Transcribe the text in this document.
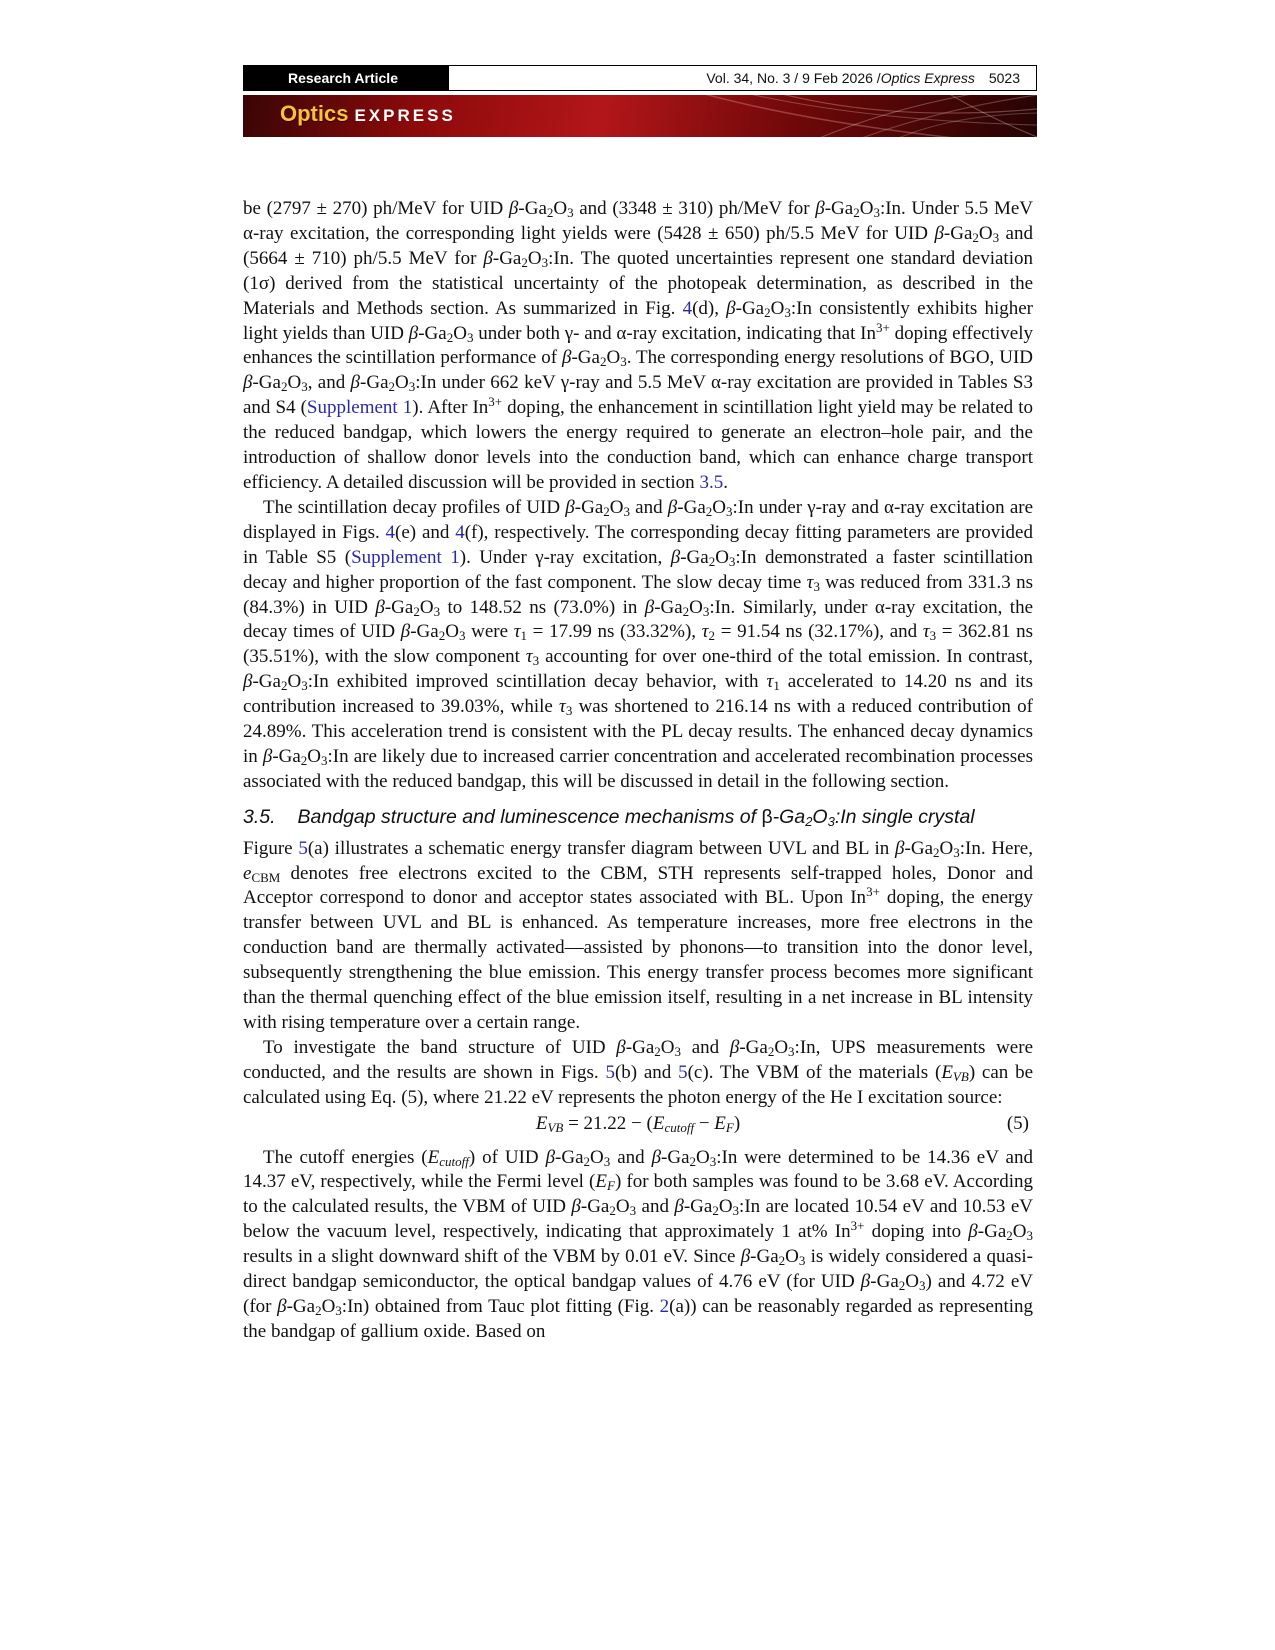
Research Article	Vol. 34, No. 3 / 9 Feb 2026 / Optics Express 5023
Optics EXPRESS

be (2797 ± 270) ph/MeV for UID $\beta-Ga_2O_3$ and (3348 ± 310) ph/MeV for $\beta-Ga_2O_3:In$. Under 5.5 MeV α-ray excitation, the corresponding light yields were (5428 ± 650) ph/5.5 MeV for UID $\beta-Ga_2O_3$ and (5664 ± 710) ph/5.5 MeV for $\beta-Ga_2O_3:In$. The quoted uncertainties represent one standard deviation (1σ) derived from the statistical uncertainty of the photopeak determination, as described in the Materials and Methods section. As summarized in Fig. 4(d), $\beta-Ga_2O_3:In$ consistently exhibits higher light yields than UID $\beta-Ga_2O_3$ under both γ- and α-ray excitation, indicating that $In^{3+}$ doping effectively enhances the scintillation performance of $\beta-Ga_2O_3$. The corresponding energy resolutions of BGO, UID $\beta-Ga_2O_3$, and $\beta-Ga_2O_3:In$ under 662 keV γ-ray and 5.5 MeV α-ray excitation are provided in Tables S3 and S4 (Supplement 1). After $In^{3+}$ doping, the enhancement in scintillation light yield may be related to the reduced bandgap, which lowers the energy required to generate an electron–hole pair, and the introduction of shallow donor levels into the conduction band, which can enhance charge transport efficiency. A detailed discussion will be provided in section 3.5.

The scintillation decay profiles of UID $\beta-Ga_2O_3$ and $\beta-Ga_2O_3:In$ under γ-ray and α-ray excitation are displayed in Figs. 4(e) and 4(f), respectively. The corresponding decay fitting parameters are provided in Table S5 (Supplement 1). Under γ-ray excitation, $\beta-Ga_2O_3:In$ demonstrated a faster scintillation decay and higher proportion of the fast component. The slow decay time $\tau_3$ was reduced from 331.3 ns (84.3%) in UID $\beta-Ga_2O_3$ to 148.52 ns (73.0%) in $\beta-Ga_2O_3:In$. Similarly, under α-ray excitation, the decay times of UID $\beta-Ga_2O_3$ were $\tau_1 = 17.99$ ns (33.32%), $\tau_2 = 91.54$ ns (32.17%), and $\tau_3 = 362.81$ ns (35.51%), with the slow component $\tau_3$ accounting for over one-third of the total emission. In contrast, $\beta-Ga_2O_3:In$ exhibited improved scintillation decay behavior, with $\tau_1$ accelerated to 14.20 ns and its contribution increased to 39.03%, while $\tau_3$ was shortened to 216.14 ns with a reduced contribution of 24.89%. This acceleration trend is consistent with the PL decay results. The enhanced decay dynamics in $\beta-Ga_2O_3:In$ are likely due to increased carrier concentration and accelerated recombination processes associated with the reduced bandgap, this will be discussed in detail in the following section.

3.5. Bandgap structure and luminescence mechanisms of $\beta-Ga_2O_3:In$ single crystal

Figure 5(a) illustrates a schematic energy transfer diagram between UVL and BL in $\beta-Ga_2O_3:In$. Here, $e_{CBM}$ denotes free electrons excited to the CBM, STH represents self-trapped holes, Donor and Acceptor correspond to donor and acceptor states associated with BL. Upon $In^{3+}$ doping, the energy transfer between UVL and BL is enhanced. As temperature increases, more free electrons in the conduction band are thermally activated—assisted by phonons—to transition into the donor level, subsequently strengthening the blue emission. This energy transfer process becomes more significant than the thermal quenching effect of the blue emission itself, resulting in a net increase in BL intensity with rising temperature over a certain range.

To investigate the band structure of UID $\beta-Ga_2O_3$ and $\beta-Ga_2O_3:In$, UPS measurements were conducted, and the results are shown in Figs. 5(b) and 5(c). The VBM of the materials $(E_{VB})$ can be calculated using Eq. (5), where 21.22 eV represents the photon energy of the He I excitation source:

$E_{VB} = 21.22 - (E_{cutoff} - E_F)$	(5)

The cutoff energies $(E_{cutoff})$ of UID $\beta-Ga_2O_3$ and $\beta-Ga_2O_3:In$ were determined to be 14.36 eV and 14.37 eV, respectively, while the Fermi level $(E_F)$ for both samples was found to be 3.68 eV. According to the calculated results, the VBM of UID $\beta-Ga_2O_3$ and $\beta-Ga_2O_3:In$ are located 10.54 eV and 10.53 eV below the vacuum level, respectively, indicating that approximately 1 at% $In^{3+}$ doping into $\beta-Ga_2O_3$ results in a slight downward shift of the VBM by 0.01 eV. Since $\beta-Ga_2O_3$ is widely considered a quasi-direct bandgap semiconductor, the optical bandgap values of 4.76 eV (for UID $\beta-Ga_2O_3$) and 4.72 eV (for $\beta-Ga_2O_3:In$) obtained from Tauc plot fitting (Fig. 2(a)) can be reasonably regarded as representing the bandgap of gallium oxide. Based on
